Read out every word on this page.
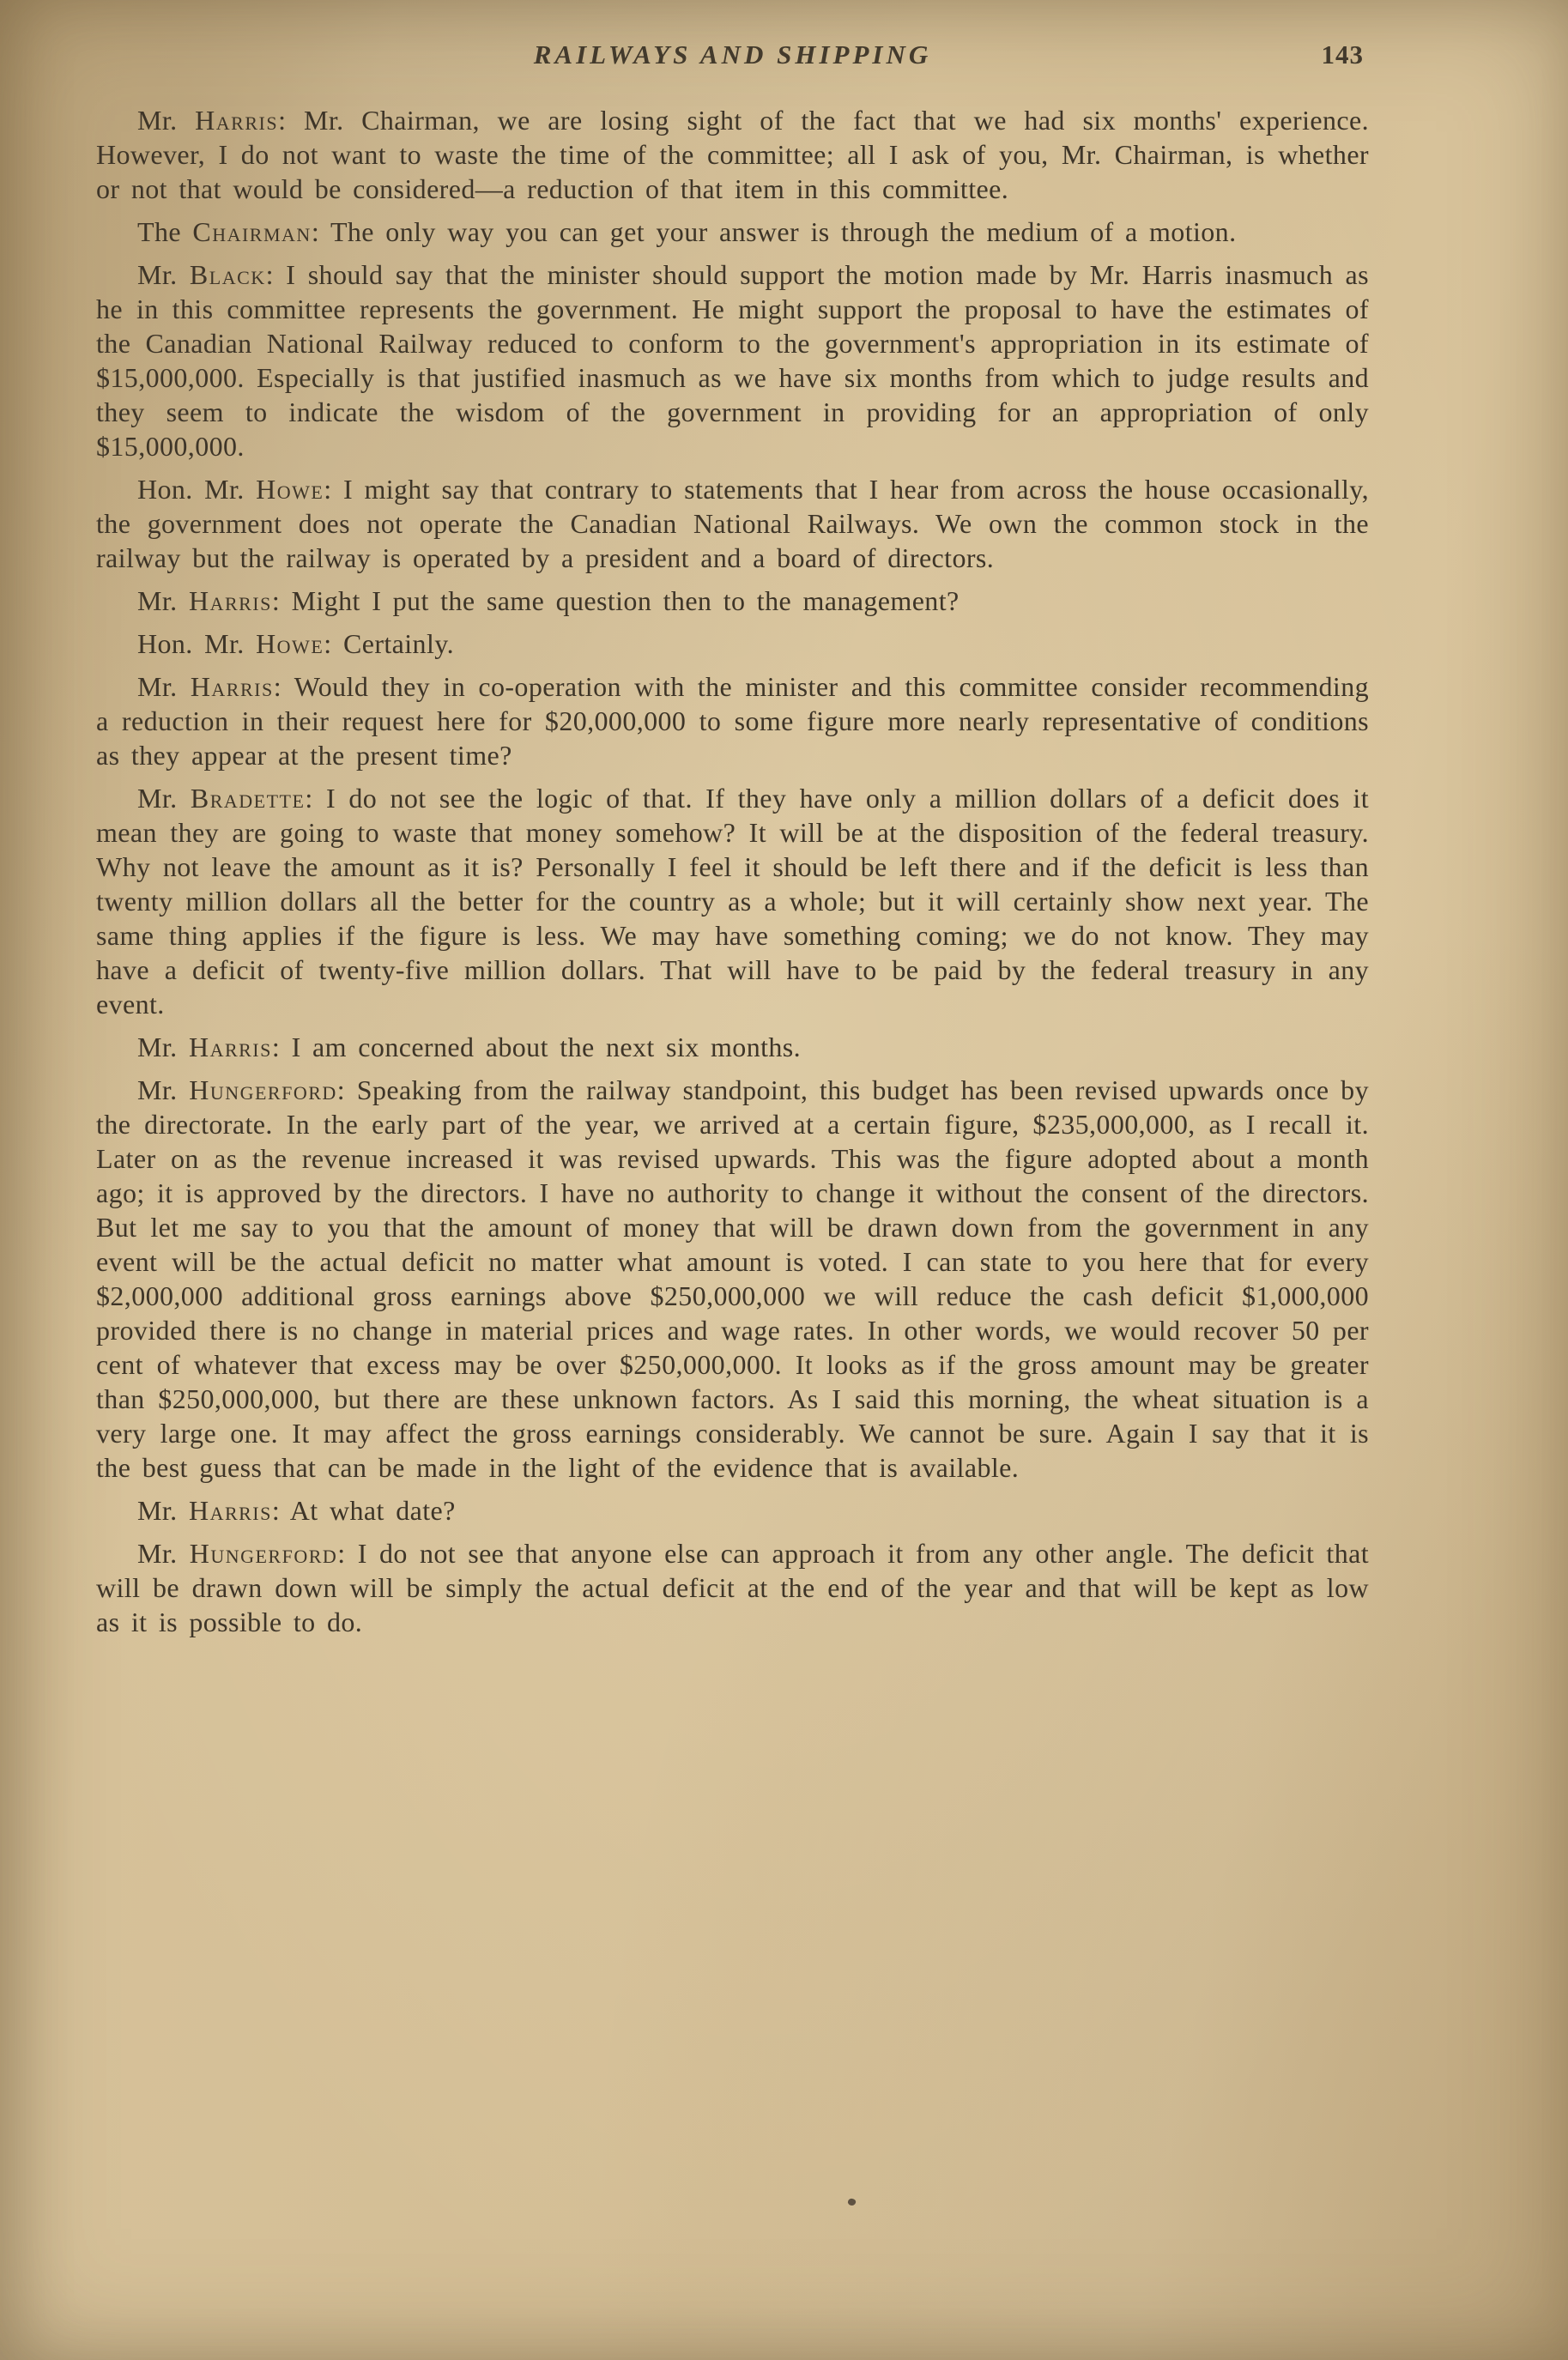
RAILWAYS AND SHIPPING	143

Mr. Harris: Mr. Chairman, we are losing sight of the fact that we had six months' experience. However, I do not want to waste the time of the committee; all I ask of you, Mr. Chairman, is whether or not that would be considered—a reduction of that item in this committee.

The Chairman: The only way you can get your answer is through the medium of a motion.

Mr. Black: I should say that the minister should support the motion made by Mr. Harris inasmuch as he in this committee represents the government. He might support the proposal to have the estimates of the Canadian National Railway reduced to conform to the government's appropriation in its estimate of $15,000,000. Especially is that justified inasmuch as we have six months from which to judge results and they seem to indicate the wisdom of the government in providing for an appropriation of only $15,000,000.

Hon. Mr. Howe: I might say that contrary to statements that I hear from across the house occasionally, the government does not operate the Canadian National Railways. We own the common stock in the railway but the railway is operated by a president and a board of directors.

Mr. Harris: Might I put the same question then to the management?

Hon. Mr. Howe: Certainly.

Mr. Harris: Would they in co-operation with the minister and this committee consider recommending a reduction in their request here for $20,000,000 to some figure more nearly representative of conditions as they appear at the present time?

Mr. Bradette: I do not see the logic of that. If they have only a million dollars of a deficit does it mean they are going to waste that money somehow? It will be at the disposition of the federal treasury. Why not leave the amount as it is? Personally I feel it should be left there and if the deficit is less than twenty million dollars all the better for the country as a whole; but it will certainly show next year. The same thing applies if the figure is less. We may have something coming; we do not know. They may have a deficit of twenty-five million dollars. That will have to be paid by the federal treasury in any event.

Mr. Harris: I am concerned about the next six months.

Mr. Hungerford: Speaking from the railway standpoint, this budget has been revised upwards once by the directorate. In the early part of the year, we arrived at a certain figure, $235,000,000, as I recall it. Later on as the revenue increased it was revised upwards. This was the figure adopted about a month ago; it is approved by the directors. I have no authority to change it without the consent of the directors. But let me say to you that the amount of money that will be drawn down from the government in any event will be the actual deficit no matter what amount is voted. I can state to you here that for every $2,000,000 additional gross earnings above $250,000,000 we will reduce the cash deficit $1,000,000 provided there is no change in material prices and wage rates. In other words, we would recover 50 per cent of whatever that excess may be over $250,000,000. It looks as if the gross amount may be greater than $250,000,000, but there are these unknown factors. As I said this morning, the wheat situation is a very large one. It may affect the gross earnings considerably. We cannot be sure. Again I say that it is the best guess that can be made in the light of the evidence that is available.

Mr. Harris: At what date?

Mr. Hungerford: I do not see that anyone else can approach it from any other angle. The deficit that will be drawn down will be simply the actual deficit at the end of the year and that will be kept as low as it is possible to do.
